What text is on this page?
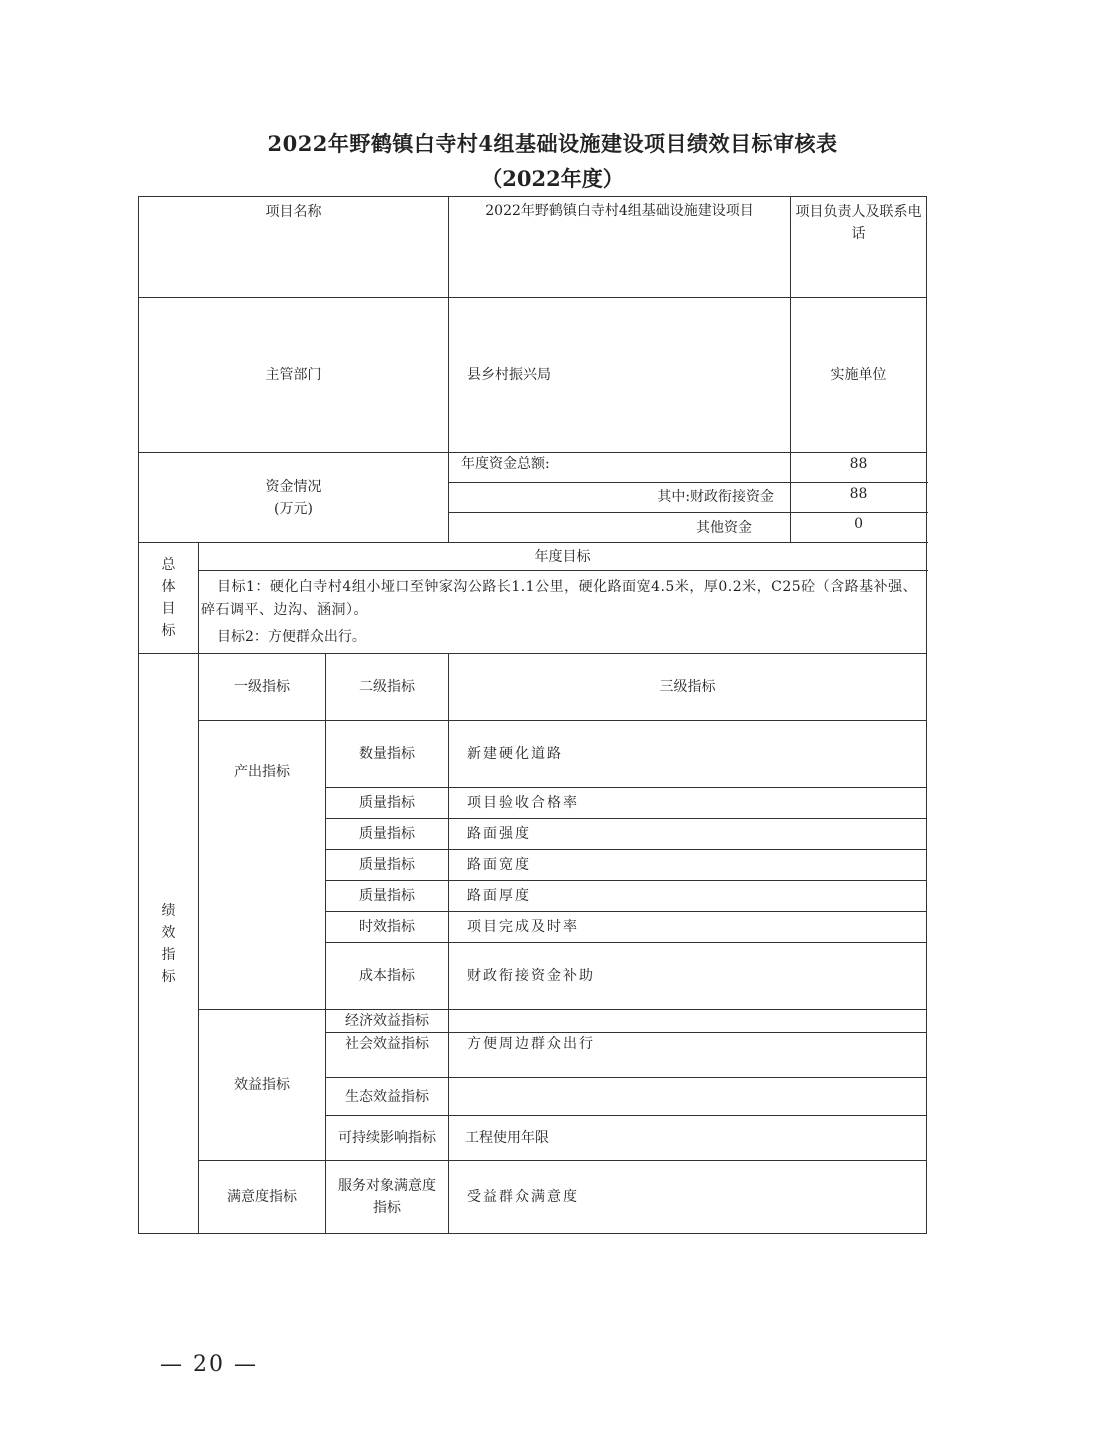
2022年野鹤镇白寺村4组基础设施建设项目绩效目标审核表
（2022年度）
项目名称			2022年野鹤镇白寺村4组基础设施建设项目	项目负责人及联系电话	

主管部门			县乡村振兴局	实施单位	

资金情况
(万元)			年度资金总额:	88	
			其中:财政衔接资金	88	
			其他资金	0	

总
体
目
标	年度目标				

	目标1：硬化白寺村4组小垭口至钟家沟公路长1.1公里，硬化路面宽4.5米，厚0.2米，C25砼（含路基补强、碎石调平、边沟、涵洞）。
目标2：方便群众出行。				

绩
效
指
标	一级指标	二级指标	三级指标	
	产出指标	数量指标	新建硬化道路	
		质量指标	项目验收合格率	
		质量指标	路面强度	
		质量指标	路面宽度	
		质量指标	路面厚度	
		时效指标	项目完成及时率	
		成本指标	财政衔接资金补助	
	效益指标	经济效益指标			
		社会效益指标	方便周边群众出行	
		生态效益指标			
		可持续影响指标	工程使用年限	
	满意度指标	服务对象满意度指标	受益群众满意度	
— 20 —
